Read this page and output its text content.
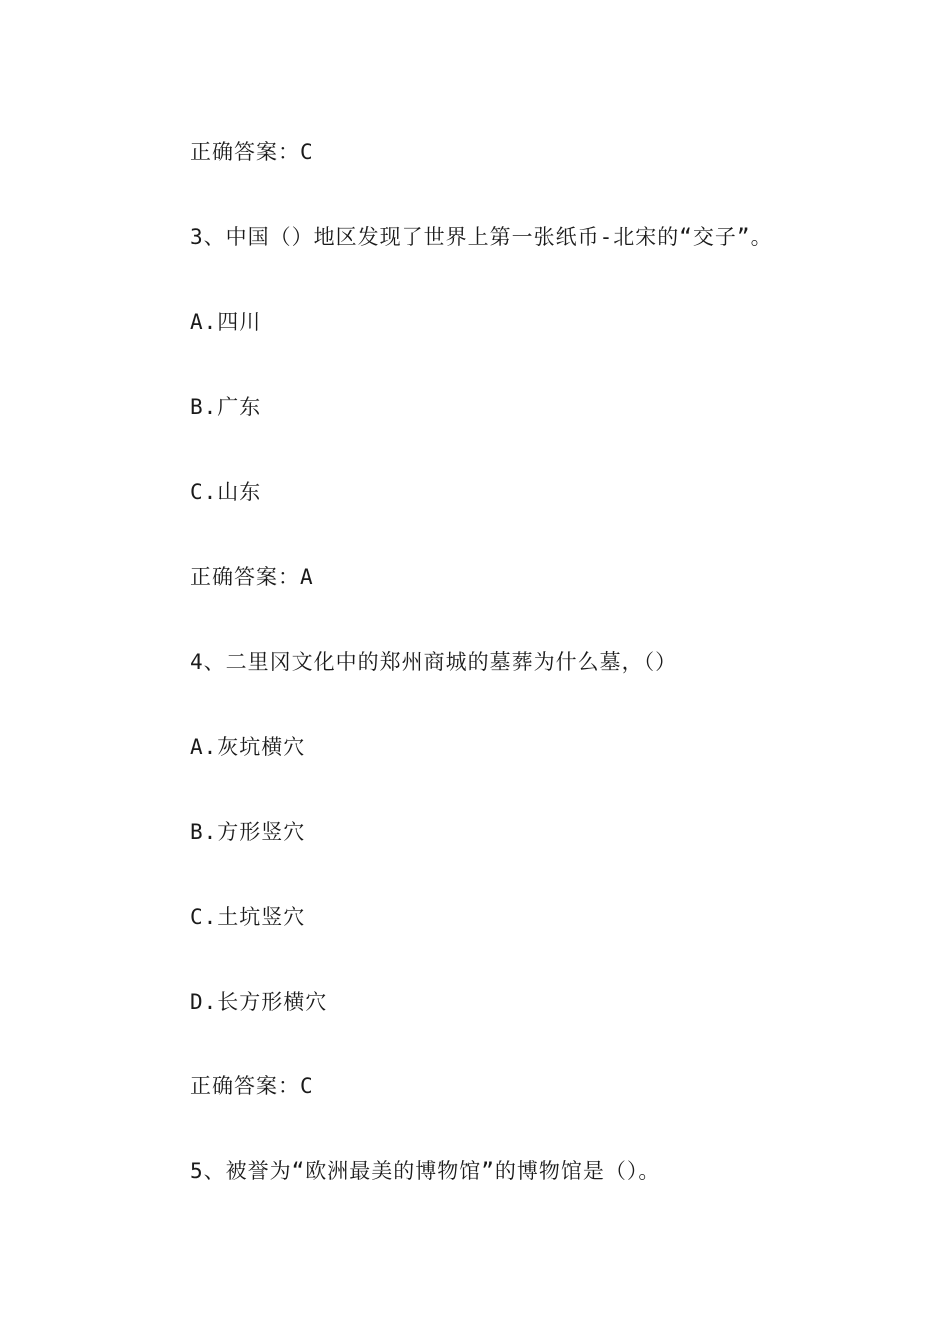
正确答案：C
3、中国（）地区发现了世界上第一张纸币-北宋的“交子”。
A.四川
B.广东
C.山东
正确答案：A
4、二里冈文化中的郑州商城的墓葬为什么墓，（）
A.灰坑横穴
B.方形竖穴
C.土坑竖穴
D.长方形横穴
正确答案：C
5、被誉为“欧洲最美的博物馆”的博物馆是（）。
